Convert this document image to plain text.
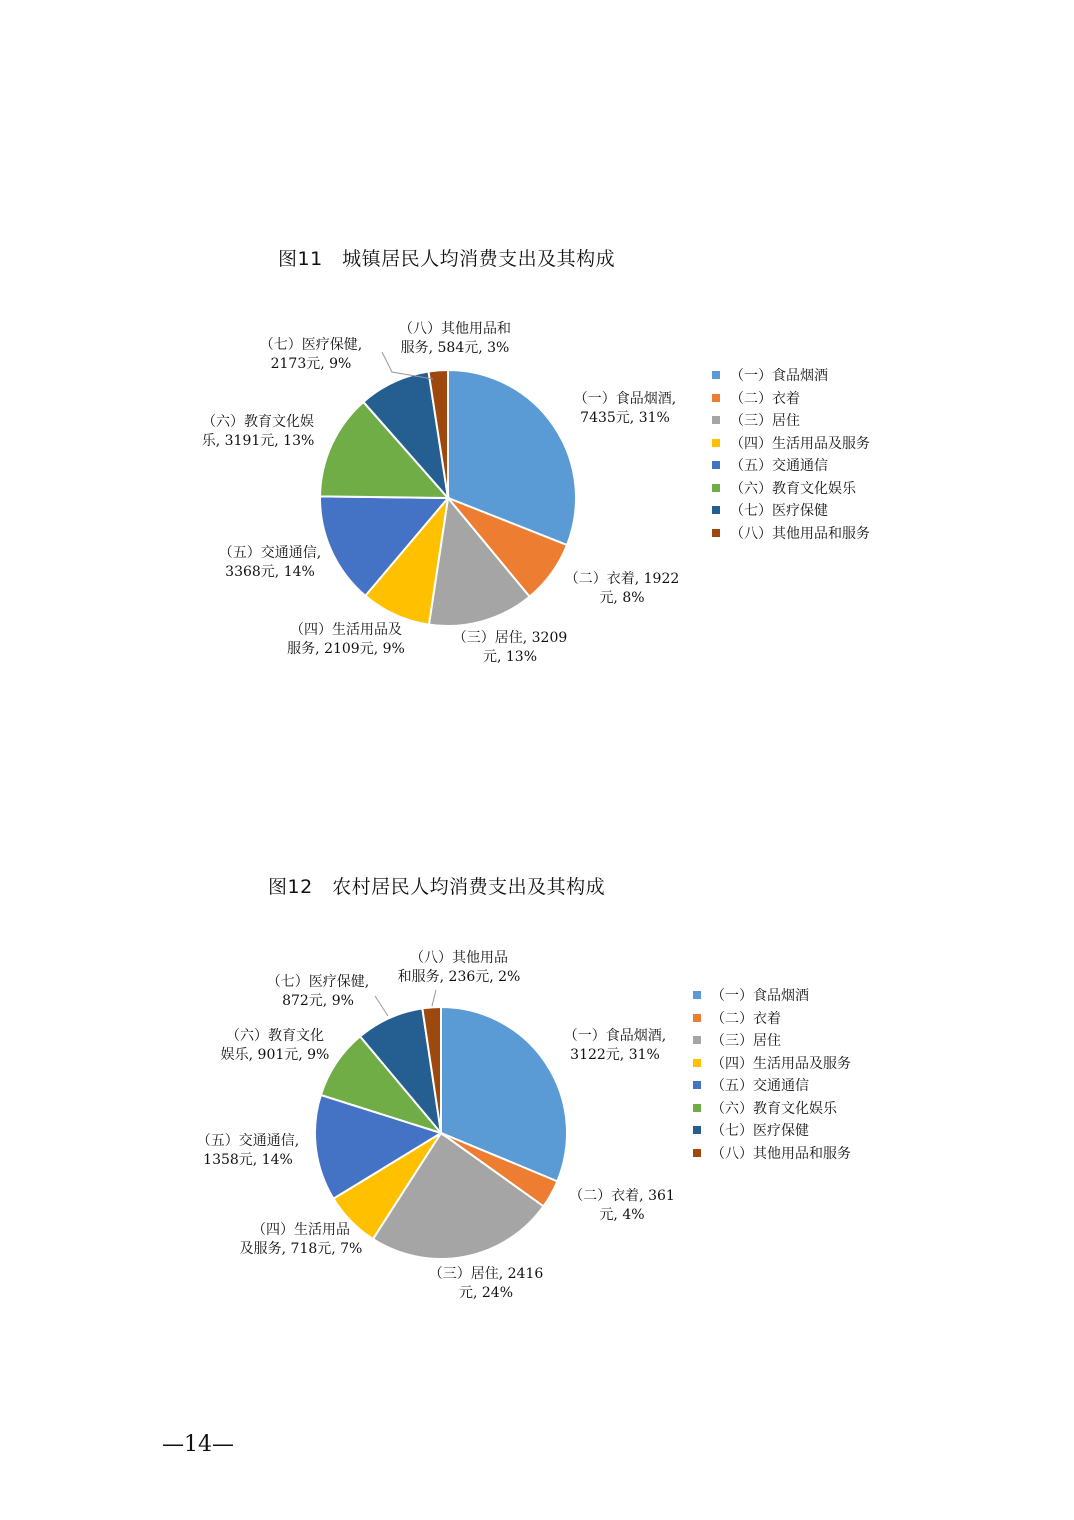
图11　城镇居民人均消费支出及其构成
（一）食品烟酒,
7435元, 31%
（二）衣着, 1922
元, 8%
（三）居住, 3209
元, 13%
（四）生活用品及
服务, 2109元, 9%
（五）交通通信,
3368元, 14%
（六）教育文化娱
乐, 3191元, 13%
（七）医疗保健,
2173元, 9%
（八）其他用品和
服务, 584元, 3%
（一）食品烟酒
（二）衣着
（三）居住
（四）生活用品及服务
（五）交通通信
（六）教育文化娱乐
（七）医疗保健
（八）其他用品和服务
图12　农村居民人均消费支出及其构成
（一）食品烟酒,
3122元, 31%
（二）衣着, 361
元, 4%
（三）居住, 2416
元, 24%
（四）生活用品
及服务, 718元, 7%
（五）交通通信,
1358元, 14%
（六）教育文化
娱乐, 901元, 9%
（七）医疗保健,
872元, 9%
（八）其他用品
和服务, 236元, 2%
（一）食品烟酒
（二）衣着
（三）居住
（四）生活用品及服务
（五）交通通信
（六）教育文化娱乐
（七）医疗保健
（八）其他用品和服务
—14—
